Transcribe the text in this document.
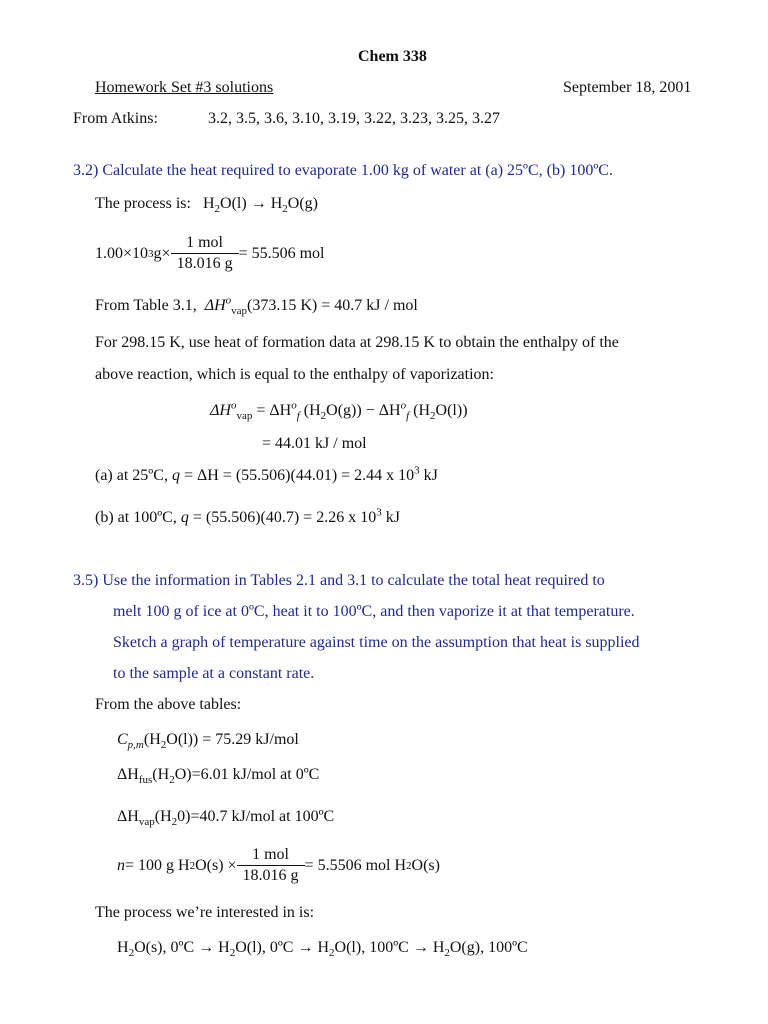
Chem 338
Homework Set #3 solutions	September 18, 2001
From Atkins:	3.2, 3.5, 3.6, 3.10, 3.19, 3.22, 3.23, 3.25, 3.27
3.2) Calculate the heat required to evaporate 1.00 kg of water at (a) 25ºC, (b) 100ºC.
The process is: $H_2O(l) \to H_2O(g)$
1.00×10 3 $g\times \frac{\text{1 mol}}{18.016 g} = 55.506$ mol
From Table 3.1, $\Delta H^o_{vap}(373.15$ K) = 40.7 kJ / mol
For 298.15 K, use heat of formation data at 298.15 K to obtain the enthalpy of the
above reaction, which is equal to the enthalpy of vaporization:
$\Delta H^o_{vap} = \Delta H^o_f$ $(H_2O(g)) - \Delta H^o_f$ $(H_2O(l))$
= 44.01 kJ / mol
(a) at 25ºC, q = ΔH = (55.506)(44.01) = 2.44 x $10^3$ kJ
(b) at 100ºC, q = (55.506)(40.7) = 2.26 x $10^3$ kJ
3.5) Use the information in Tables 2.1 and 3.1 to calculate the total heat required to
melt 100 g of ice at 0ºC, heat it to 100ºC, and then vaporize it at that temperature.
Sketch a graph of temperature against time on the assumption that heat is supplied
to the sample at a constant rate.
From the above tables:
$C_{p,m}(H_2O(l)) = 75.29$ kJ/mol
$\Delta H_{fus}(H_2O)=6.01$ kJ/mol at 0ºC
$\Delta H_{vap}(H_20)=40.7$ kJ/mol at 100ºC
n = 100 g H 2 $O(s) \times \frac{\text{1 mol}}{18.016 g} = 5.5506$ mol H 2 O(s)
The process we’re interested in is:
$H_2O(s)$, 0ºC → $H_2O(l)$, 0ºC → $H_2O(l)$, 100ºC → $H_2O(g)$, 100ºC
